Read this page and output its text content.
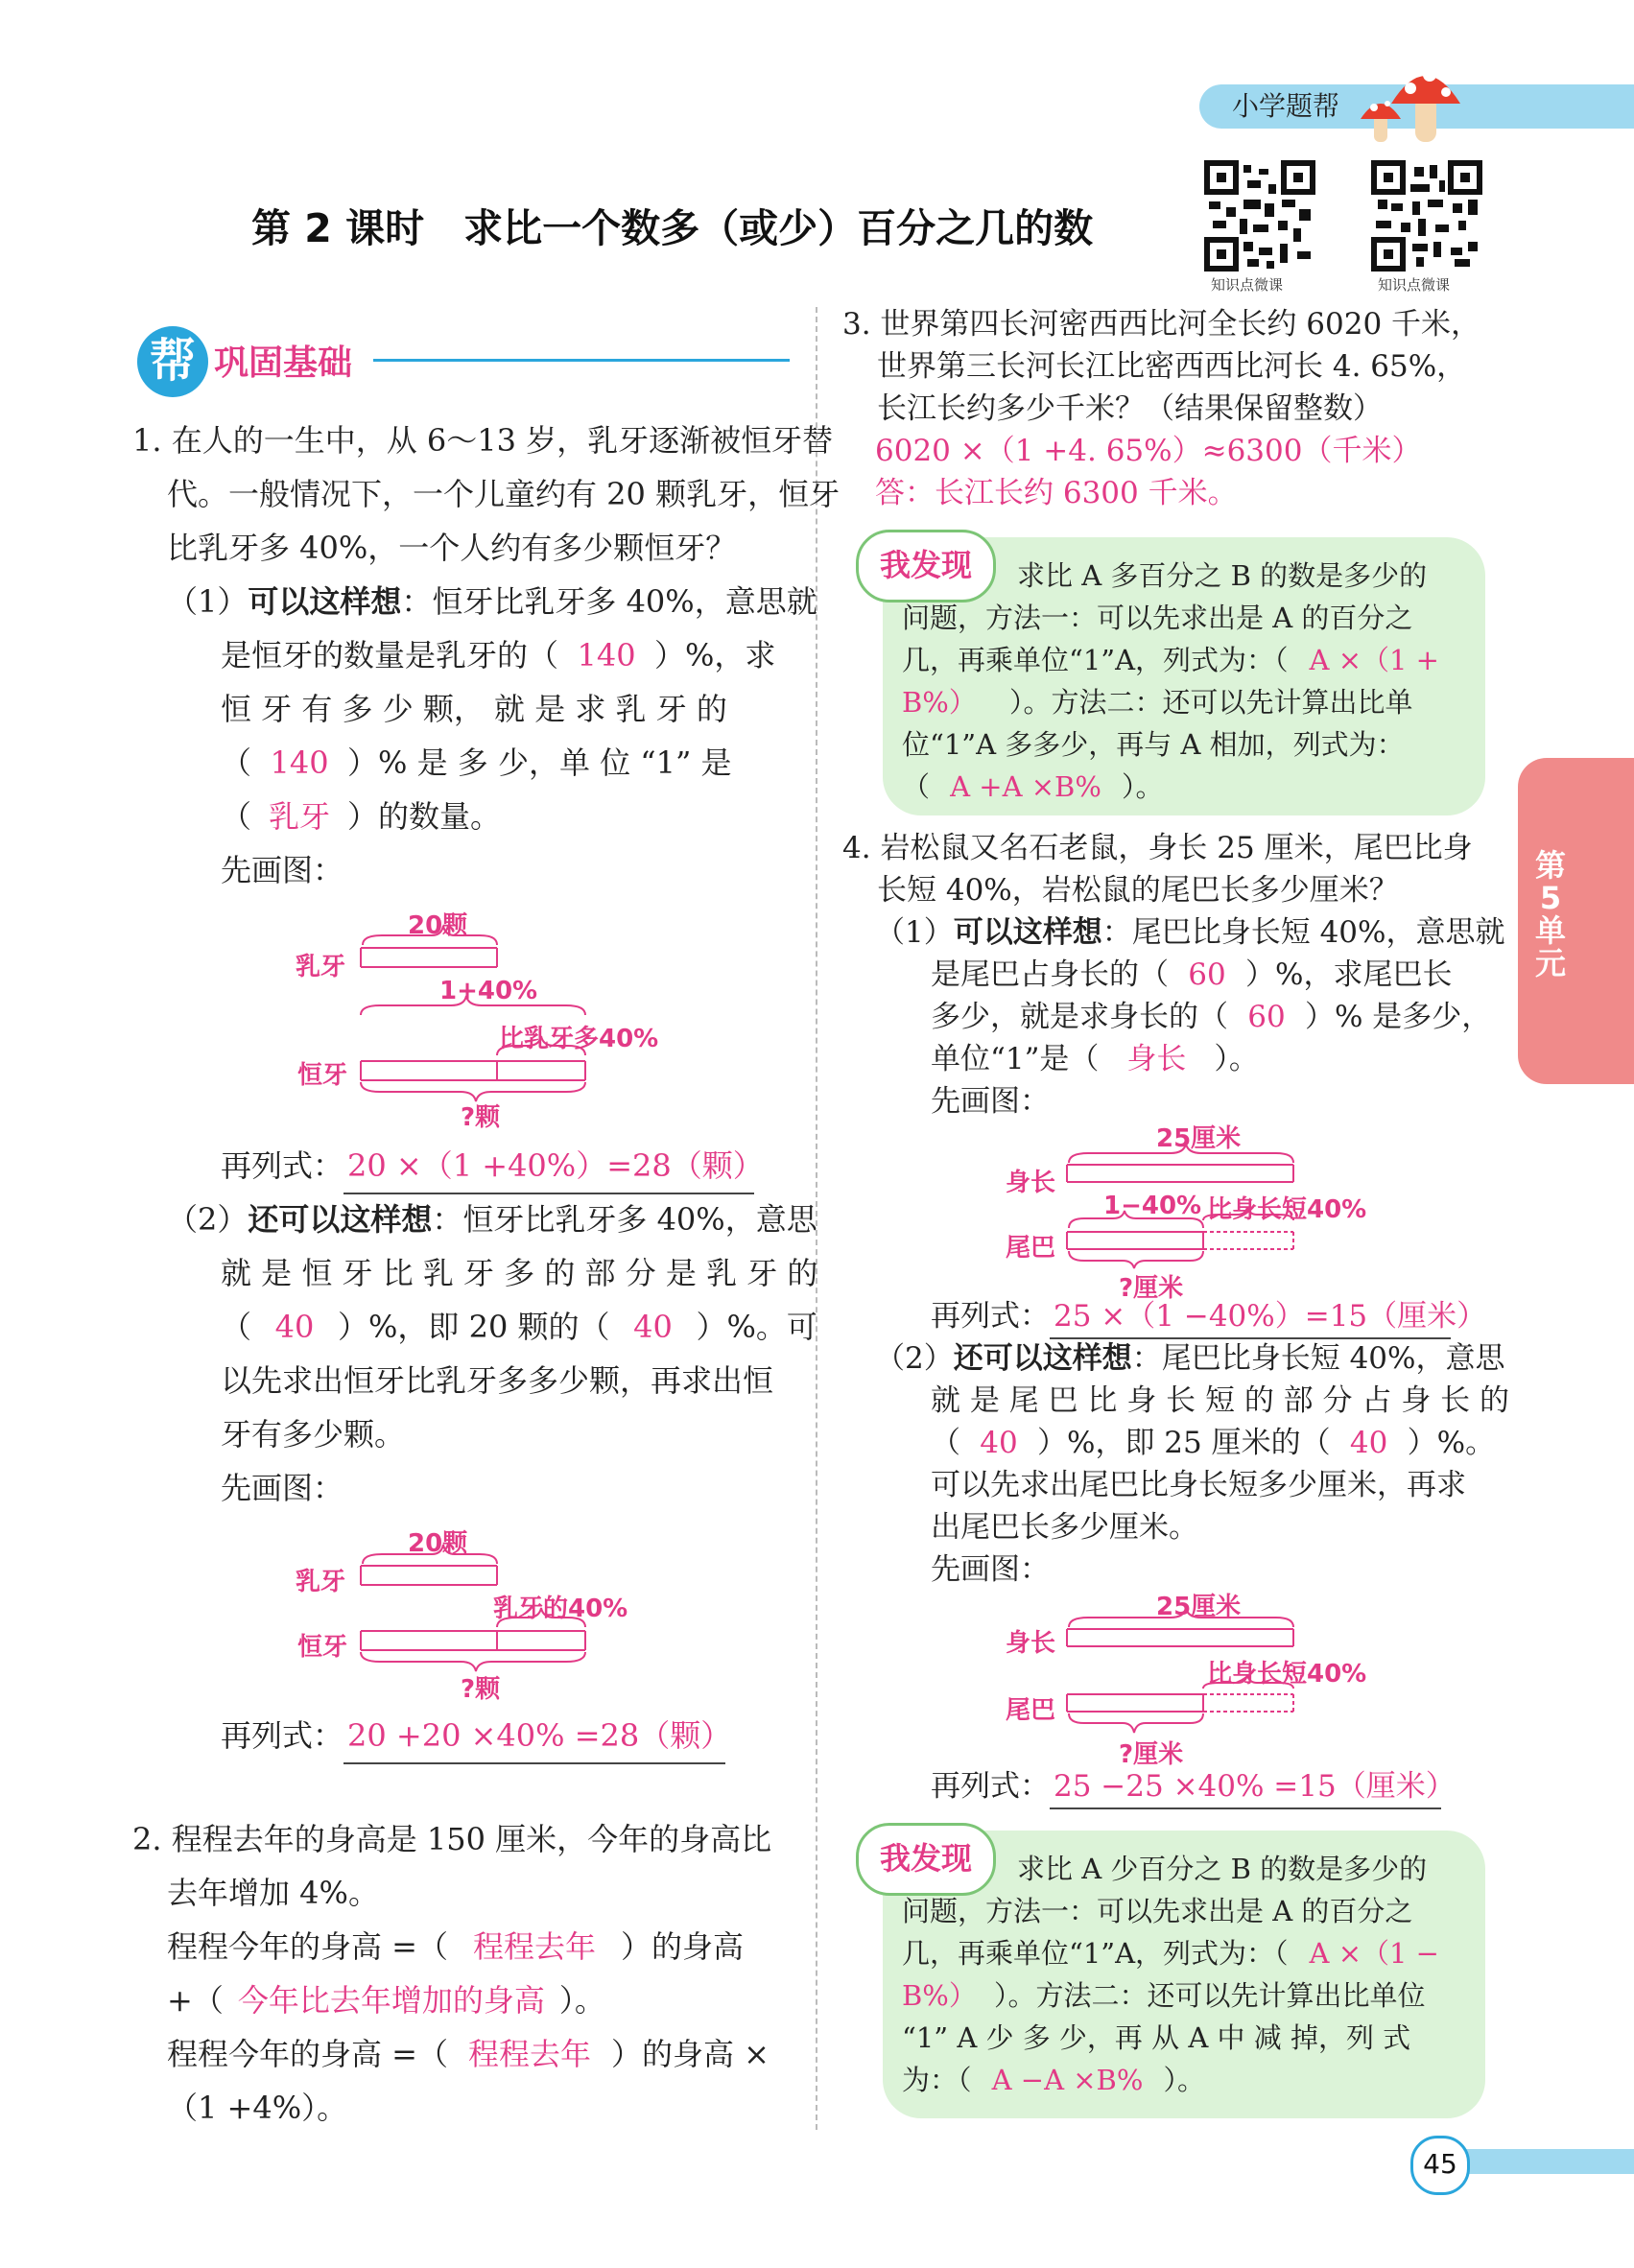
小学题帮
知识点微课	知识点微课
第 2 课时　求比一个数多（或少）百分之几的数
帮 巩固基础
第
5
单
元
1. 在人的一生中，从 6～13 岁，乳牙逐渐被恒牙替
代。一般情况下，一个儿童约有 20 颗乳牙，恒牙
比乳牙多 40%，一个人约有多少颗恒牙？
（1）可以这样想：恒牙比乳牙多 40%，意思就
是恒牙的数量是乳牙的（ 140 ）%，求
恒 牙 有 多 少 颗， 就 是 求 乳 牙 的
（ 140 ）% 是 多 少，单 位 “1” 是
（ 乳牙 ）的数量。
先画图：
20颗
乳牙
1+40%
比乳牙多40%
恒牙
?颗
再列式： 20 ×（1 +40%）=28（颗）
（2）还可以这样想：恒牙比乳牙多 40%，意思
就 是 恒 牙 比 乳 牙 多 的 部 分 是 乳 牙 的
（ 40 ）%，即 20 颗的（ 40 ）%。可
以先求出恒牙比乳牙多多少颗，再求出恒
牙有多少颗。
先画图：
20颗
乳牙
乳牙的40%
恒牙
?颗
再列式： 20 +20 ×40% =28（颗）
2. 程程去年的身高是 150 厘米，今年的身高比
去年增加 4%。
程程今年的身高 =（ 程程去年 ）的身高
+（ 今年比去年增加的身高 ）。
程程今年的身高 =（ 程程去年 ）的身高 ×
（1 +4%）。
3. 世界第四长河密西西比河全长约 6020 千米，
世界第三长河长江比密西西比河长 4. 65%，
长江长约多少千米？（结果保留整数）
6020 ×（1 +4. 65%）≈6300（千米）
答：长江长约 6300 千米。
我发现	求比 A 多百分之 B 的数是多少的
问题，方法一：可以先求出是 A 的百分之
几，再乘单位“1”A，列式为：（ A ×（1 +
B%） ）。方法二：还可以先计算出比单
位“1”A 多多少，再与 A 相加，列式为：
（ A +A ×B% ）。
4. 岩松鼠又名石老鼠，身长 25 厘米，尾巴比身
长短 40%，岩松鼠的尾巴长多少厘米？
（1）可以这样想：尾巴比身长短 40%，意思就
是尾巴占身长的（ 60 ）%，求尾巴长
多少，就是求身长的（ 60 ）% 是多少，
单位“1”是（ 身长 ）。
先画图：
25厘米
身长
1−40% 比身长短40%
尾巴
?厘米
再列式： 25 ×（1 −40%）=15（厘米）
（2）还可以这样想：尾巴比身长短 40%，意思
就 是 尾 巴 比 身 长 短 的 部 分 占 身 长 的
（ 40 ）%，即 25 厘米的（ 40 ）%。
可以先求出尾巴比身长短多少厘米，再求
出尾巴长多少厘米。
先画图：
25厘米
身长
比身长短40%
尾巴
?厘米
再列式： 25 −25 ×40% =15（厘米）
我发现	求比 A 少百分之 B 的数是多少的
问题，方法一：可以先求出是 A 的百分之
几，再乘单位“1”A，列式为：（ A ×（1 −
B%） ）。方法二：还可以先计算出比单位
“1” A 少 多 少，再 从 A 中 减 掉，列 式
为：（ A −A ×B% ）。
45
